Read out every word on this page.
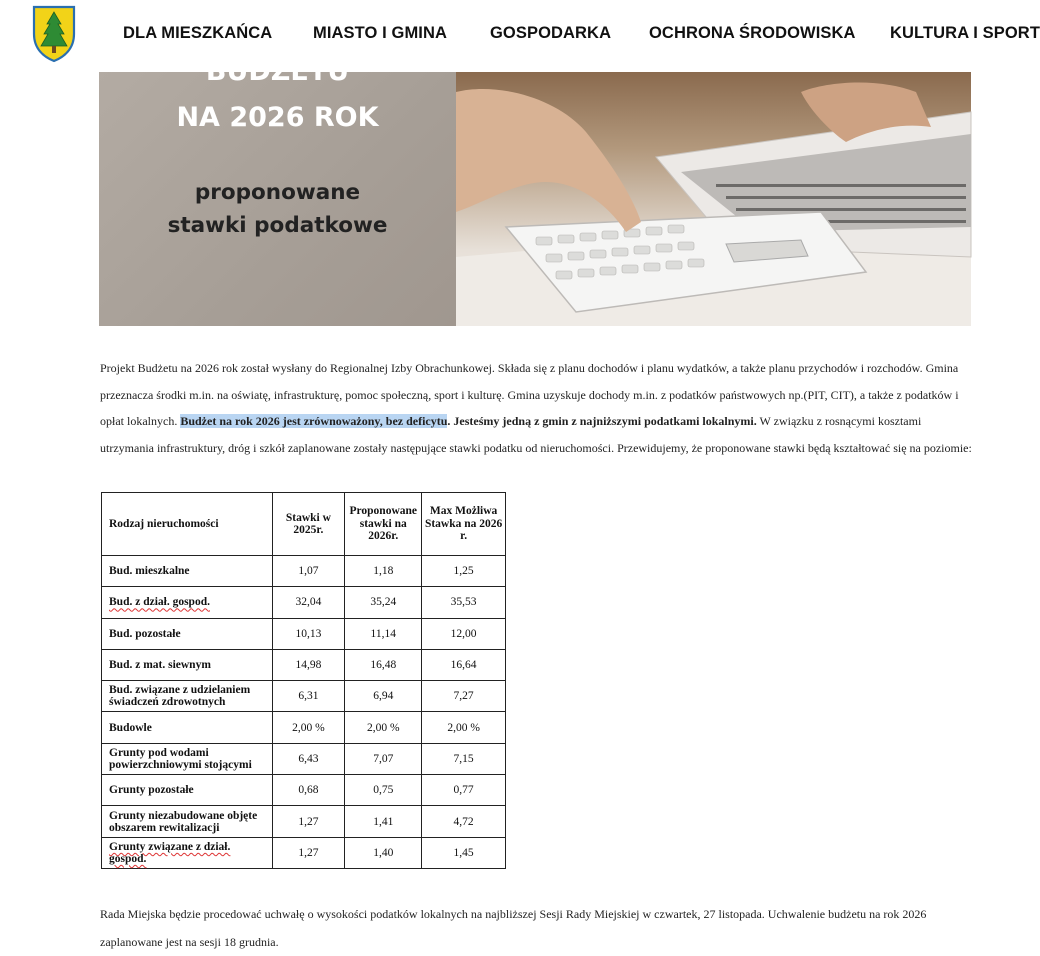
DLA MIESZKAŃCA MIASTO I GMINA	GOSPODARKA OCHRONA ŚRODOWISKA KULTURA I SPORT
BUDŻETU
NA 2026 ROK
proponowane
stawki podatkowe
Projekt Budżetu na 2026 rok został wysłany do Regionalnej Izby Obrachunkowej. Składa się z planu dochodów i planu wydatków, a także planu przychodów i rozchodów. Gmina przeznacza środki m.in. na oświatę, infrastrukturę, pomoc społeczną, sport i kulturę. Gmina uzyskuje dochody m.in. z podatków państwowych np.(PIT, CIT), a także z podatków i opłat lokalnych. Budżet na rok 2026 jest zrównoważony, bez deficytu. Jesteśmy jedną z gmin z najniższymi podatkami lokalnymi. W związku z rosnącymi kosztami utrzymania infrastruktury, dróg i szkół zaplanowane zostały następujące stawki podatku od nieruchomości. Przewidujemy, że proponowane stawki będą kształtować się na poziomie:
Rodzaj nieruchomości	Stawki w 2025r.	Proponowane stawki na 2026r.	Max Możliwa Stawka na 2026 r.
Bud. mieszkalne	1,07	1,18	1,25
Bud. z dział. gospod.	32,04	35,24	35,53
Bud. pozostałe	10,13	11,14	12,00
Bud. z mat. siewnym	14,98	16,48	16,64
Bud. związane z udzielaniem świadczeń zdrowotnych	6,31	6,94	7,27
Budowle	2,00 %	2,00 %	2,00 %
Grunty pod wodami powierzchniowymi stojącymi	6,43	7,07	7,15
Grunty pozostałe	0,68	0,75	0,77
Grunty niezabudowane objęte obszarem rewitalizacji	1,27	1,41	4,72
Grunty związane z dział. gospod.	1,27	1,40	1,45
Rada Miejska będzie procedować uchwałę o wysokości podatków lokalnych na najbliższej Sesji Rady Miejskiej w czwartek, 27 listopada. Uchwalenie budżetu na rok 2026 zaplanowane jest na sesji 18 grudnia.
